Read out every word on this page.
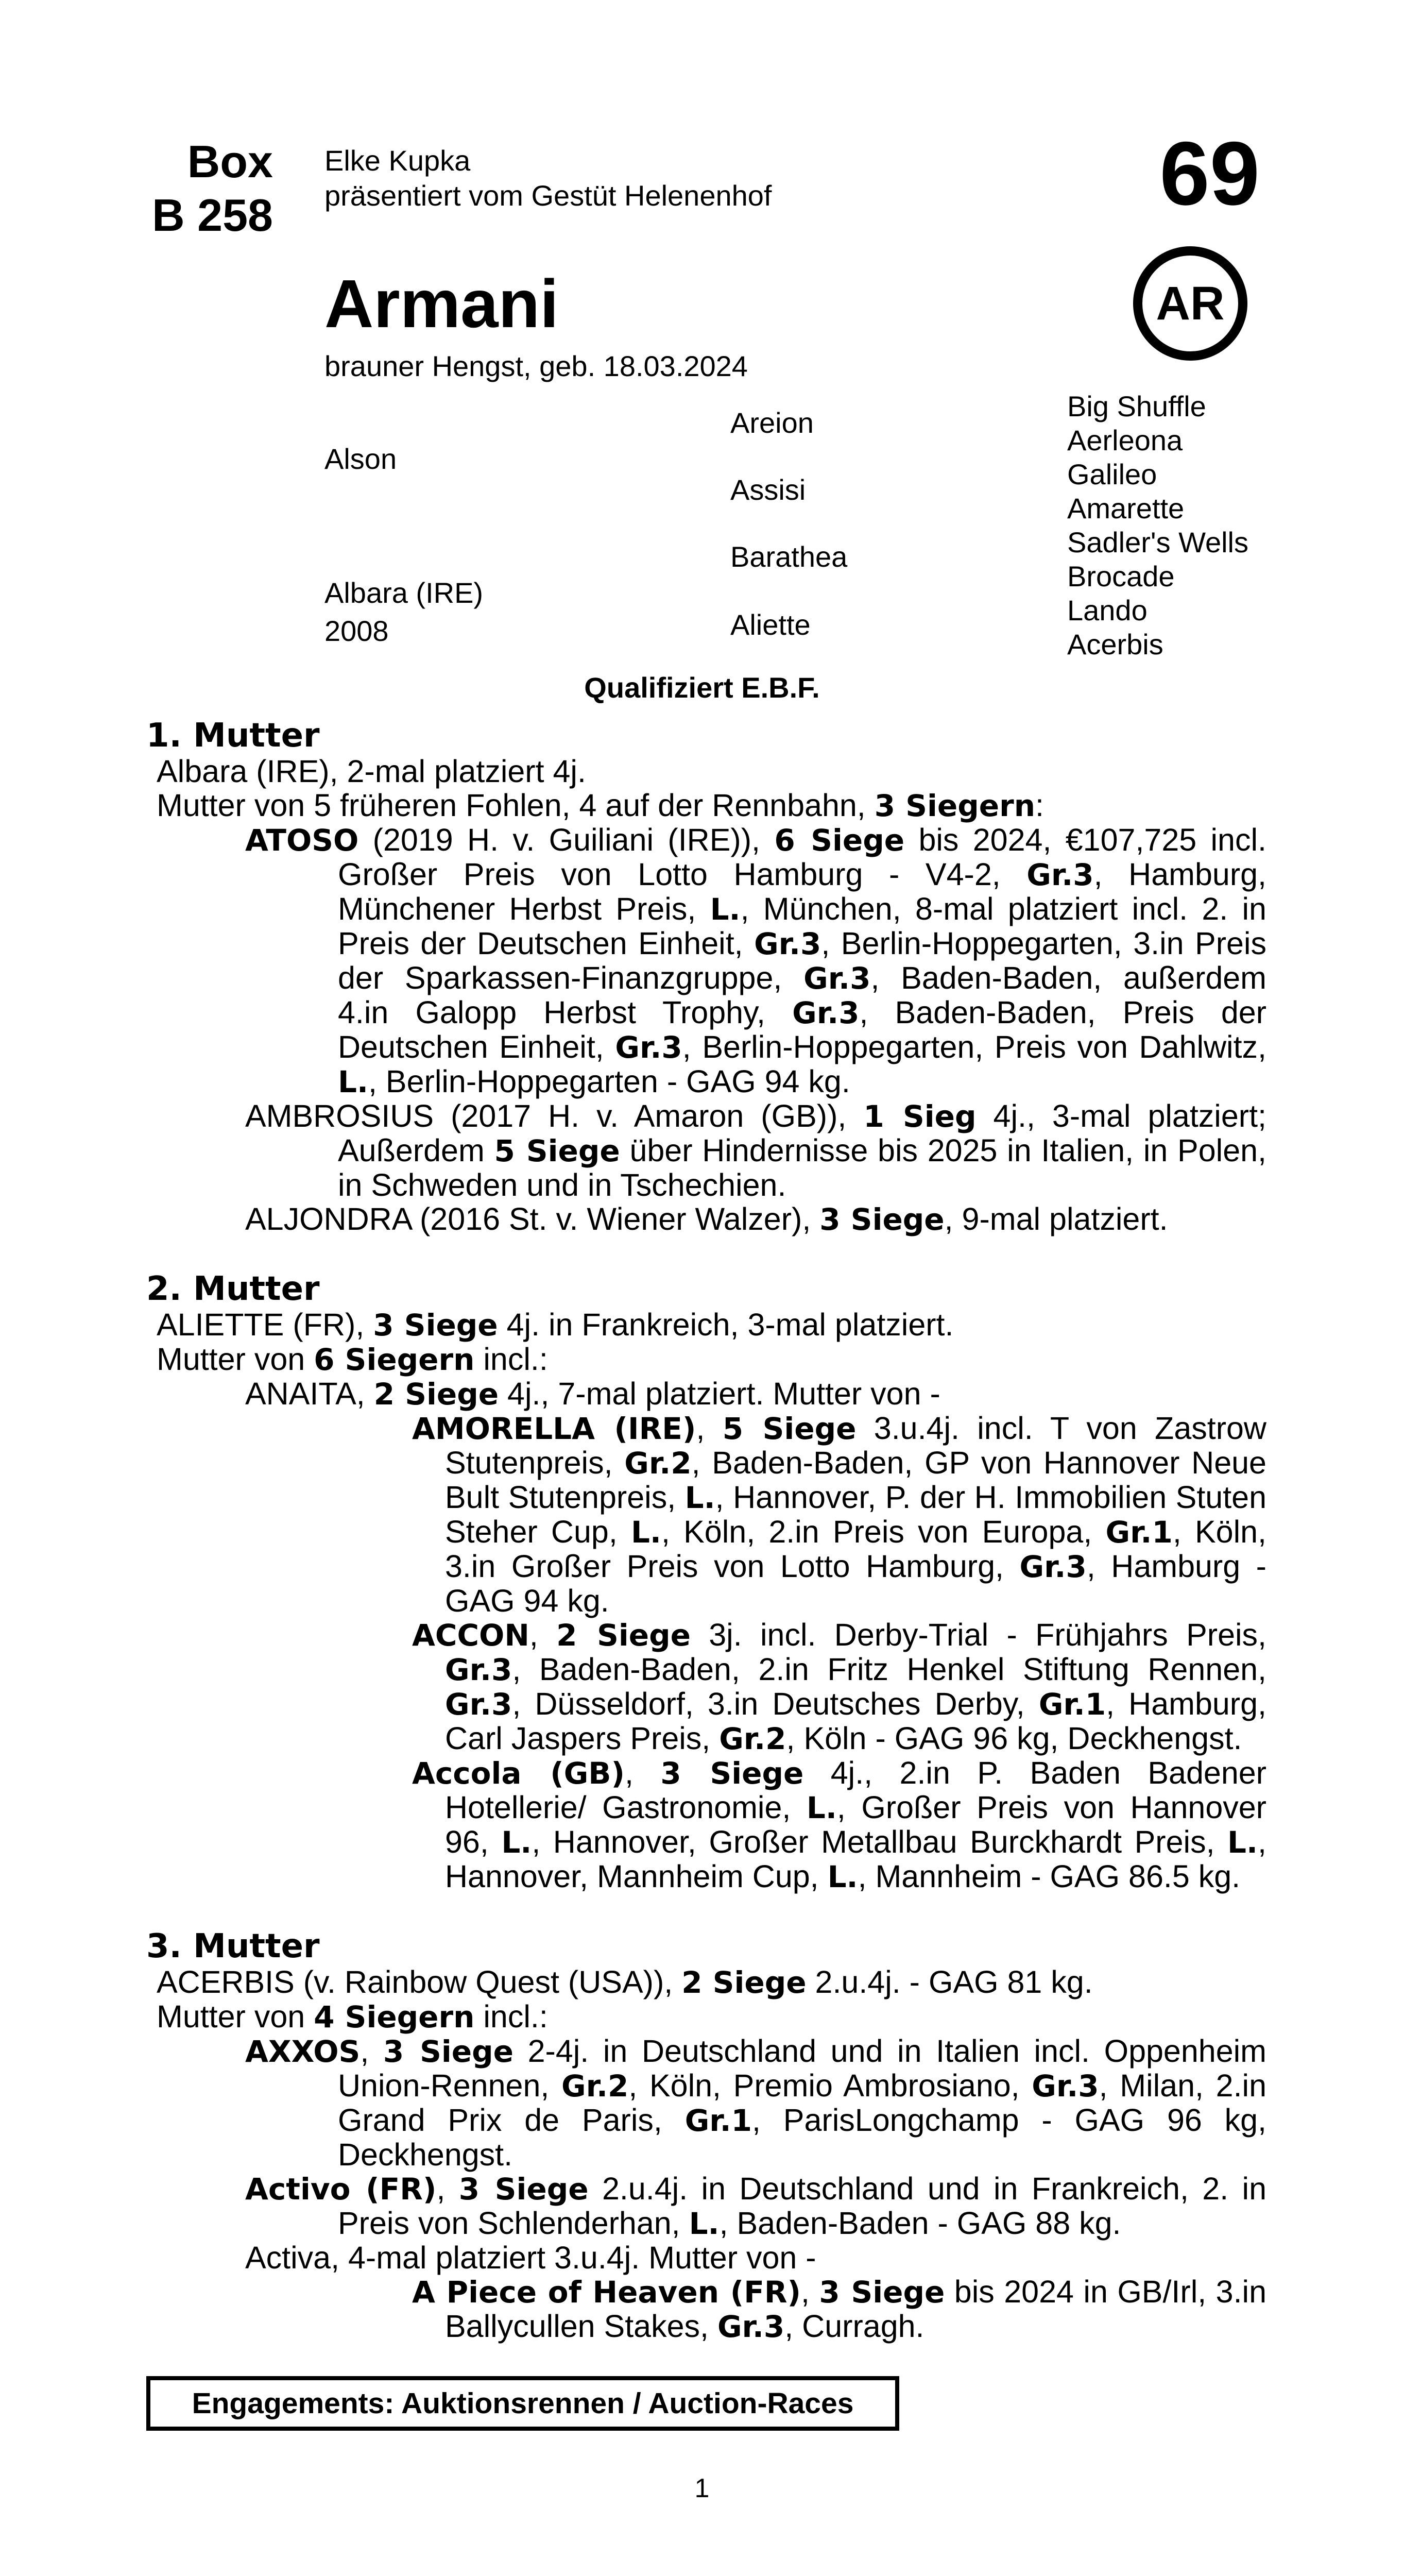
Box
B 258
Elke Kupka
präsentiert vom Gestüt Helenenhof	69
AR
Armani
brauner Hengst, geb. 18.03.2024
Alson
Albara (IRE)
2008
Areion
Assisi
Barathea
Aliette
Big Shuffle
Aerleona
Galileo
Amarette
Sadler's Wells
Brocade
Lando
Acerbis
Qualifiziert E.B.F.

1. Mutter

Albara (IRE), 2-mal platziert 4j.

Mutter von 5 früheren Fohlen, 4 auf der Rennbahn, 3 Siegern:

ATOSO (2019 H. v. Guiliani (IRE)), 6 Siege bis 2024, €107,725 incl. Großer Preis von Lotto Hamburg - V4-2, Gr.3, Hamburg, Münchener Herbst Preis, L., München, 8-mal platziert incl. 2. in Preis der Deutschen Einheit, Gr.3, Berlin-Hoppegarten, 3.in Preis der Sparkassen-Finanzgruppe, Gr.3, Baden-Baden, außerdem 4.in Galopp Herbst Trophy, Gr.3, Baden-Baden, Preis der Deutschen Einheit, Gr.3, Berlin-Hoppegarten, Preis von Dahlwitz, L., Berlin-Hoppegarten - GAG 94 kg.

AMBROSIUS (2017 H. v. Amaron (GB)), 1 Sieg 4j., 3-mal platziert; Außerdem 5 Siege über Hindernisse bis 2025 in Italien, in Polen, in Schweden und in Tschechien.

ALJONDRA (2016 St. v. Wiener Walzer), 3 Siege, 9-mal platziert.

2. Mutter

ALIETTE (FR), 3 Siege 4j. in Frankreich, 3-mal platziert.

Mutter von 6 Siegern incl.:

ANAITA, 2 Siege 4j., 7-mal platziert. Mutter von -

AMORELLA (IRE), 5 Siege 3.u.4j. incl. T von Zastrow Stutenpreis, Gr.2, Baden-Baden, GP von Hannover Neue Bult Stutenpreis, L., Hannover, P. der H. Immobilien Stuten Steher Cup, L., Köln, 2.in Preis von Europa, Gr.1, Köln, 3.in Großer Preis von Lotto Hamburg, Gr.3, Hamburg - GAG 94 kg.

ACCON, 2 Siege 3j. incl. Derby-Trial - Frühjahrs Preis, Gr.3, Baden-Baden, 2.in Fritz Henkel Stiftung Rennen, Gr.3, Düsseldorf, 3.in Deutsches Derby, Gr.1, Hamburg, Carl Jaspers Preis, Gr.2, Köln - GAG 96 kg, Deckhengst.

Accola (GB), 3 Siege 4j., 2.in P. Baden Badener Hotellerie/ Gastronomie, L., Großer Preis von Hannover 96, L., Hannover, Großer Metallbau Burckhardt Preis, L., Hannover, Mannheim Cup, L., Mannheim - GAG 86.5 kg.

3. Mutter

ACERBIS (v. Rainbow Quest (USA)), 2 Siege 2.u.4j. - GAG 81 kg.

Mutter von 4 Siegern incl.:

AXXOS, 3 Siege 2-4j. in Deutschland und in Italien incl. Oppenheim Union-Rennen, Gr.2, Köln, Premio Ambrosiano, Gr.3, Milan, 2.in Grand Prix de Paris, Gr.1, ParisLongchamp - GAG 96 kg, Deckhengst.

Activo (FR), 3 Siege 2.u.4j. in Deutschland und in Frankreich, 2. in Preis von Schlenderhan, L., Baden-Baden - GAG 88 kg.

Activa, 4-mal platziert 3.u.4j. Mutter von -

A Piece of Heaven (FR), 3 Siege bis 2024 in GB/Irl, 3.in Ballycullen Stakes, Gr.3, Curragh.

Engagements: Auktionsrennen / Auction-Races
1
